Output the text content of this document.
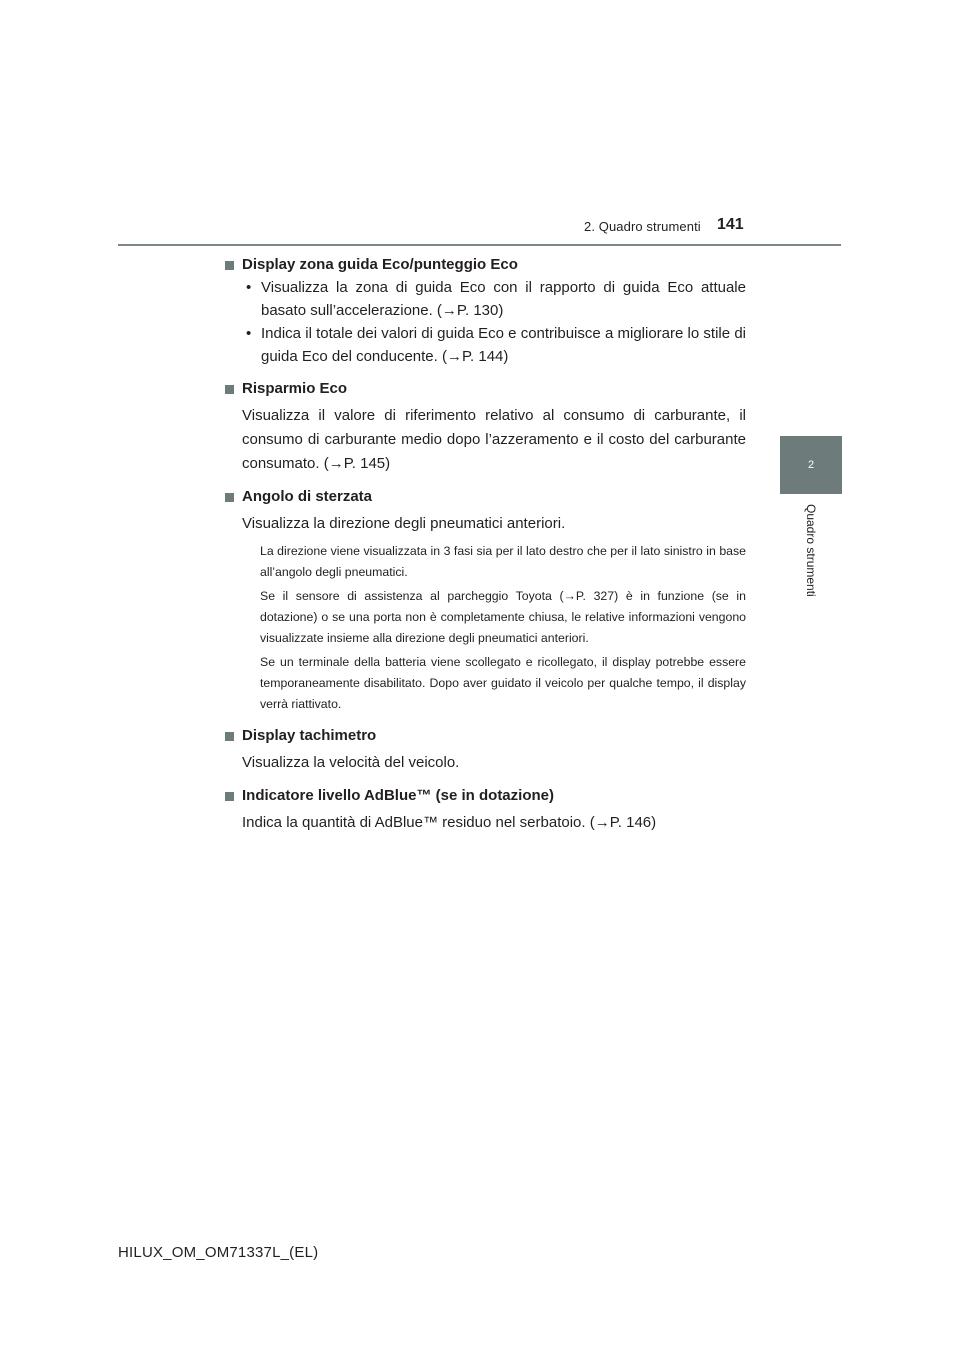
2. Quadro strumenti 141
2
Quadro strumenti
Display zona guida Eco/punteggio Eco
• Visualizza la zona di guida Eco con il rapporto di guida Eco attuale basato sull’accelerazione. (→P. 130)
• Indica il totale dei valori di guida Eco e contribuisce a migliorare lo stile di guida Eco del conducente. (→P. 144)
Risparmio Eco
Visualizza il valore di riferimento relativo al consumo di carburante, il consumo di carburante medio dopo l’azzeramento e il costo del carburante consumato. (→P. 145)
Angolo di sterzata
Visualizza la direzione degli pneumatici anteriori.
La direzione viene visualizzata in 3 fasi sia per il lato destro che per il lato sinistro in base all’angolo degli pneumatici.
Se il sensore di assistenza al parcheggio Toyota (→P. 327) è in funzione (se in dotazione) o se una porta non è completamente chiusa, le relative informazioni vengono visualizzate insieme alla direzione degli pneumatici anteriori.
Se un terminale della batteria viene scollegato e ricollegato, il display potrebbe essere temporaneamente disabilitato. Dopo aver guidato il veicolo per qualche tempo, il display verrà riattivato.
Display tachimetro
Visualizza la velocità del veicolo.
Indicatore livello AdBlue™ (se in dotazione)
Indica la quantità di AdBlue™ residuo nel serbatoio. (→P. 146)
HILUX_OM_OM71337L_(EL)
